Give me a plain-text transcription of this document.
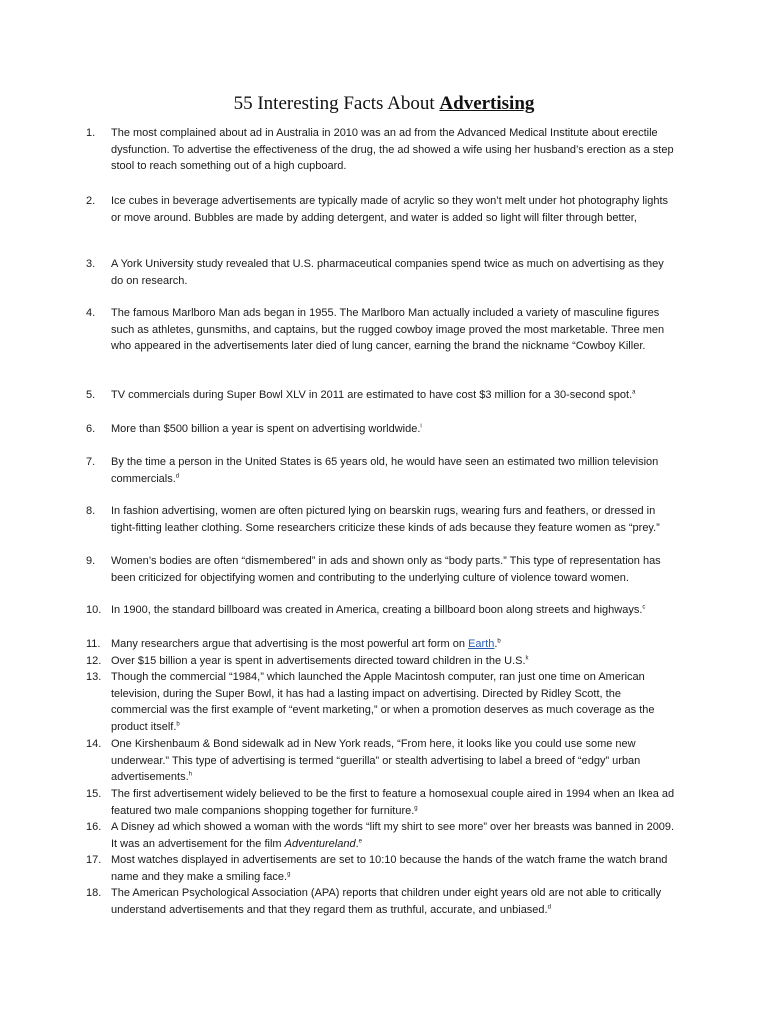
55 Interesting Facts About Advertising
1.	The most complained about ad in Australia in 2010 was an ad from the Advanced Medical Institute about erectile dysfunction. To advertise the effectiveness of the drug, the ad showed a wife using her husband’s erection as a step stool to reach something out of a high cupboard.
2.	Ice cubes in beverage advertisements are typically made of acrylic so they won’t melt under hot photography lights or move around. Bubbles are made by adding detergent, and water is added so light will filter through better,
3.	A York University study revealed that U.S. pharmaceutical companies spend twice as much on advertising as they do on research.
4.	The famous Marlboro Man ads began in 1955. The Marlboro Man actually included a variety of masculine figures such as athletes, gunsmiths, and captains, but the rugged cowboy image proved the most marketable. Three men who appeared in the advertisements later died of lung cancer, earning the brand the nickname “Cowboy Killer.
5.	TV commercials during Super Bowl XLV in 2011 are estimated to have cost $3 million for a 30-second spot.$^a$
6.	More than $500 billion a year is spent on advertising worldwide.$^i$
7.	By the time a person in the United States is 65 years old, he would have seen an estimated two million television commercials.$^d$
8.	In fashion advertising, women are often pictured lying on bearskin rugs, wearing furs and feathers, or dressed in tight-fitting leather clothing. Some researchers criticize these kinds of ads because they feature women as “prey.”
9.	Women’s bodies are often “dismembered” in ads and shown only as “body parts.” This type of representation has been criticized for objectifying women and contributing to the underlying culture of violence toward women.
10. In 1900, the standard billboard was created in America, creating a billboard boon along streets and highways.$^c$
11. Many researchers argue that advertising is the most powerful art form on Earth.$^b$
12. Over $15 billion a year is spent in advertisements directed toward children in the U.S.$^k$
13. Though the commercial “1984,” which launched the Apple Macintosh computer, ran just one time on American television, during the Super Bowl, it has had a lasting impact on advertising. Directed by Ridley Scott, the commercial was the first example of “event marketing,” or when a promotion deserves as much coverage as the product itself.$^b$
14. One Kirshenbaum & Bond sidewalk ad in New York reads, “From here, it looks like you could use some new underwear.” This type of advertising is termed “guerilla” or stealth advertising to label a breed of “edgy” urban advertisements.$^h$
15. The first advertisement widely believed to be the first to feature a homosexual couple aired in 1994 when an Ikea ad featured two male companions shopping together for furniture.$^g$
16. A Disney ad which showed a woman with the words “lift my shirt to see more” over her breasts was banned in 2009. It was an advertisement for the film Adventureland.$^e$
17. Most watches displayed in advertisements are set to 10:10 because the hands of the watch frame the watch brand name and they make a smiling face.$^g$
18. The American Psychological Association (APA) reports that children under eight years old are not able to critically understand advertisements and that they regard them as truthful, accurate, and unbiased.$^d$
